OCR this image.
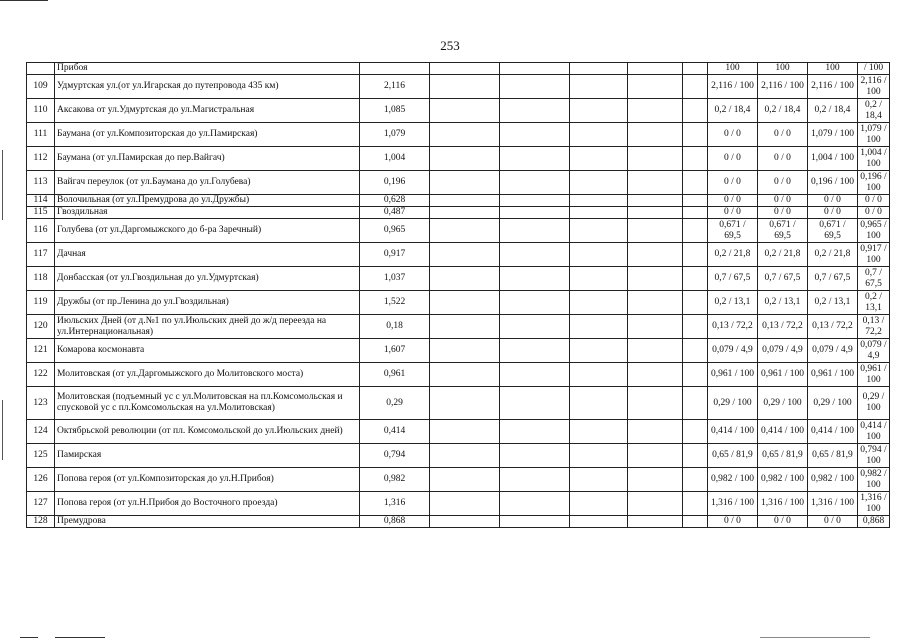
253
	Прибоя							100	100	100	/ 100
109	Удмуртская ул.(от ул.Игарская до путепровода 435 км)	2,116						2,116 / 100	2,116 / 100	2,116 / 100	2,116 / 100
110	Аксакова от ул.Удмуртская до ул.Магистральная	1,085						0,2 / 18,4	0,2 / 18,4	0,2 / 18,4	0,2 / 18,4
111	Баумана (от ул.Композиторская до ул.Памирская)	1,079						0 / 0	0 / 0	1,079 / 100	1,079 / 100
112	Баумана (от ул.Памирская до пер.Вайгач)	1,004						0 / 0	0 / 0	1,004 / 100	1,004 / 100
113	Вайгач переулок (от ул.Баумана до ул.Голубева)	0,196						0 / 0	0 / 0	0,196 / 100	0,196 / 100
114	Волочильная (от ул.Премудрова до ул.Дружбы)	0,628						0 / 0	0 / 0	0 / 0	0 / 0
115	Гвоздильная	0,487						0 / 0	0 / 0	0 / 0	0 / 0
116	Голубева (от ул.Даргомыжского до б-ра Заречный)	0,965						0,671 / 69,5	0,671 / 69,5	0,671 / 69,5	0,965 / 100
117	Дачная	0,917						0,2 / 21,8	0,2 / 21,8	0,2 / 21,8	0,917 / 100
118	Донбасская (от ул.Гвоздильная до ул.Удмуртская)	1,037						0,7 / 67,5	0,7 / 67,5	0,7 / 67,5	0,7 / 67,5
119	Дружбы (от пр.Ленина до ул.Гвоздильная)	1,522						0,2 / 13,1	0,2 / 13,1	0,2 / 13,1	0,2 / 13,1
120	Июльских Дней (от д.№1 по ул.Июльских дней до ж/д переезда на ул.Интернациональная)	0,18						0,13 / 72,2	0,13 / 72,2	0,13 / 72,2	0,13 / 72,2
121	Комарова космонавта	1,607						0,079 / 4,9	0,079 / 4,9	0,079 / 4,9	0,079 / 4,9
122	Молитовская (от ул.Даргомыжского до Молитовского моста)	0,961						0,961 / 100	0,961 / 100	0,961 / 100	0,961 / 100
123	Молитовская (подъемный ус с ул.Молитовская на пл.Комсомольская и спусковой ус с пл.Комсомольская на ул.Молитовская)	0,29						0,29 / 100	0,29 / 100	0,29 / 100	0,29 / 100
124	Октябрьской революции (от пл. Комсомольской до ул.Июльских дней)	0,414						0,414 / 100	0,414 / 100	0,414 / 100	0,414 / 100
125	Памирская	0,794						0,65 / 81,9	0,65 / 81,9	0,65 / 81,9	0,794 / 100
126	Попова героя (от ул.Композиторская до ул.Н.Прибоя)	0,982						0,982 / 100	0,982 / 100	0,982 / 100	0,982 / 100
127	Попова героя (от ул.Н.Прибоя до Восточного проезда)	1,316						1,316 / 100	1,316 / 100	1,316 / 100	1,316 / 100
128	Премудрова	0,868						0 / 0	0 / 0	0 / 0	0,868
